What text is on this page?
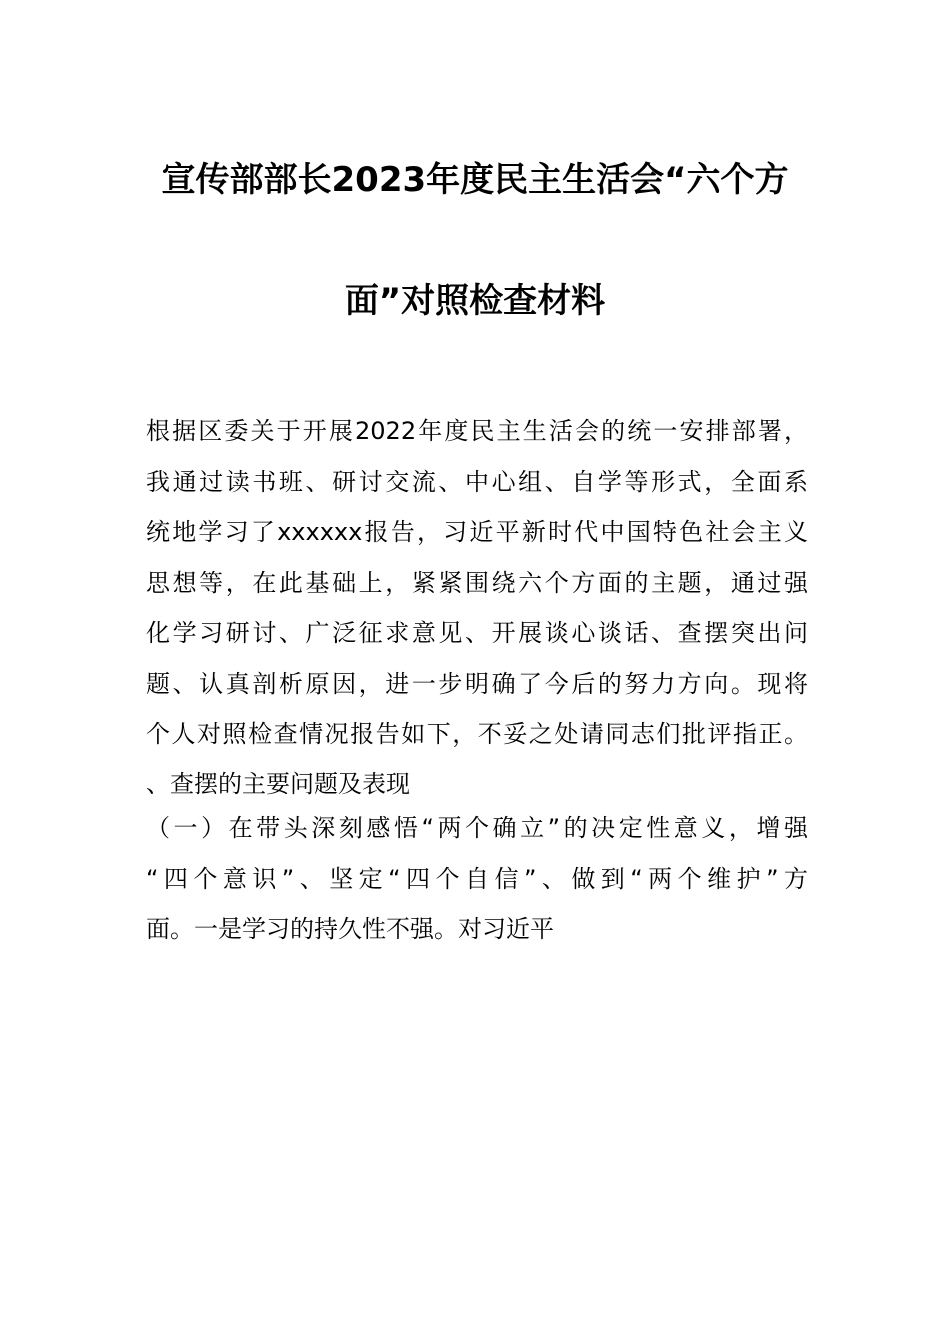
宣传部部长2023年度民主生活会“六个方
面”对照检查材料
根据区委关于开展2022年度民主生活会的统一安排部署，
我通过读书班、研讨交流、中心组、自学等形式，全面系
统地学习了xxxxxx报告，习近平新时代中国特色社会主义
思想等，在此基础上，紧紧围绕六个方面的主题，通过强
化学习研讨、广泛征求意见、开展谈心谈话、查摆突出问
题、认真剖析原因，进一步明确了今后的努力方向。现将
个人对照检查情况报告如下，不妥之处请同志们批评指正。
、查摆的主要问题及表现
（一）在带头深刻感悟“两个确立”的决定性意义，增强
“四个意识”、坚定“四个自信”、做到“两个维护”方
面。一是学习的持久性不强。对习近平
